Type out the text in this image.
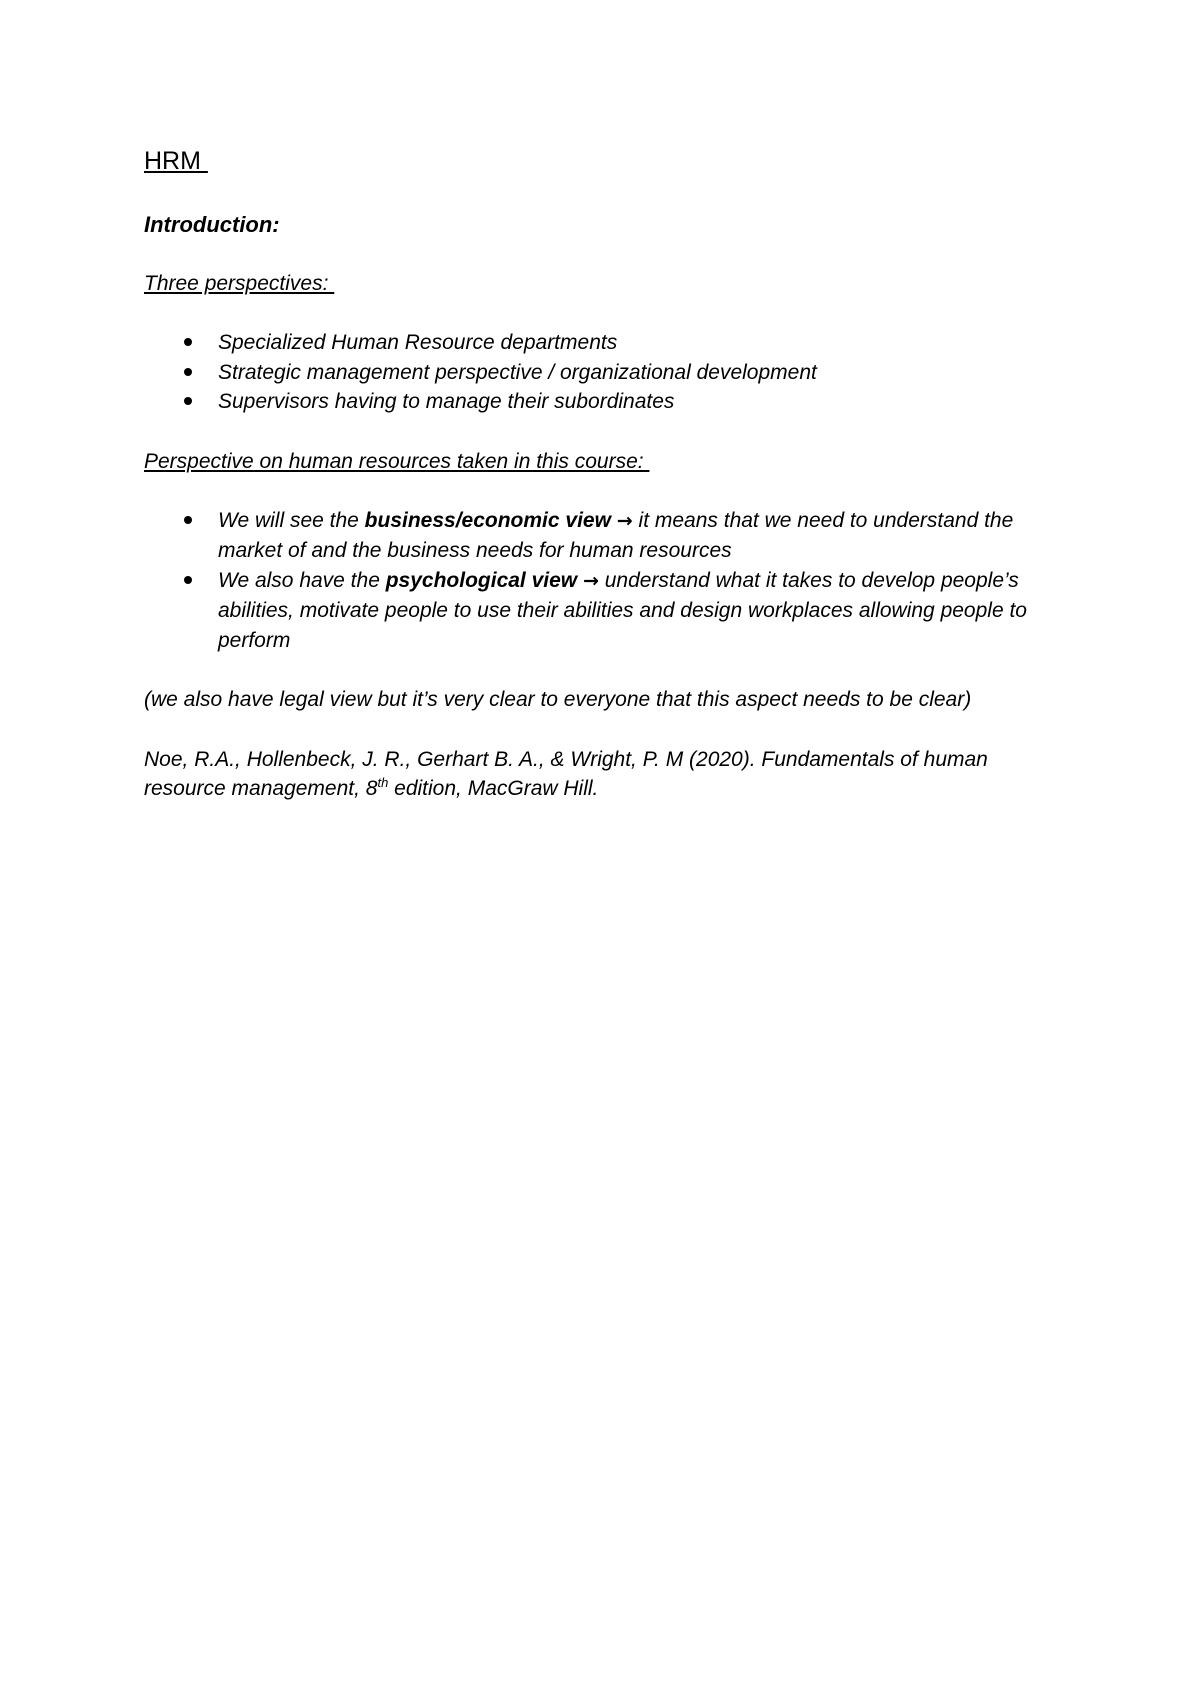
HRM
Introduction:
Three perspectives:
Specialized Human Resource departments
Strategic management perspective / organizational development
Supervisors having to manage their subordinates
Perspective on human resources taken in this course:
We will see the business/economic view → it means that we need to understand the market of and the business needs for human resources
We also have the psychological view → understand what it takes to develop people’s abilities, motivate people to use their abilities and design workplaces allowing people to perform
(we also have legal view but it’s very clear to everyone that this aspect needs to be clear)
Noe, R.A., Hollenbeck, J. R., Gerhart B. A., & Wright, P. M (2020). Fundamentals of human resource management, 8th edition, MacGraw Hill.
